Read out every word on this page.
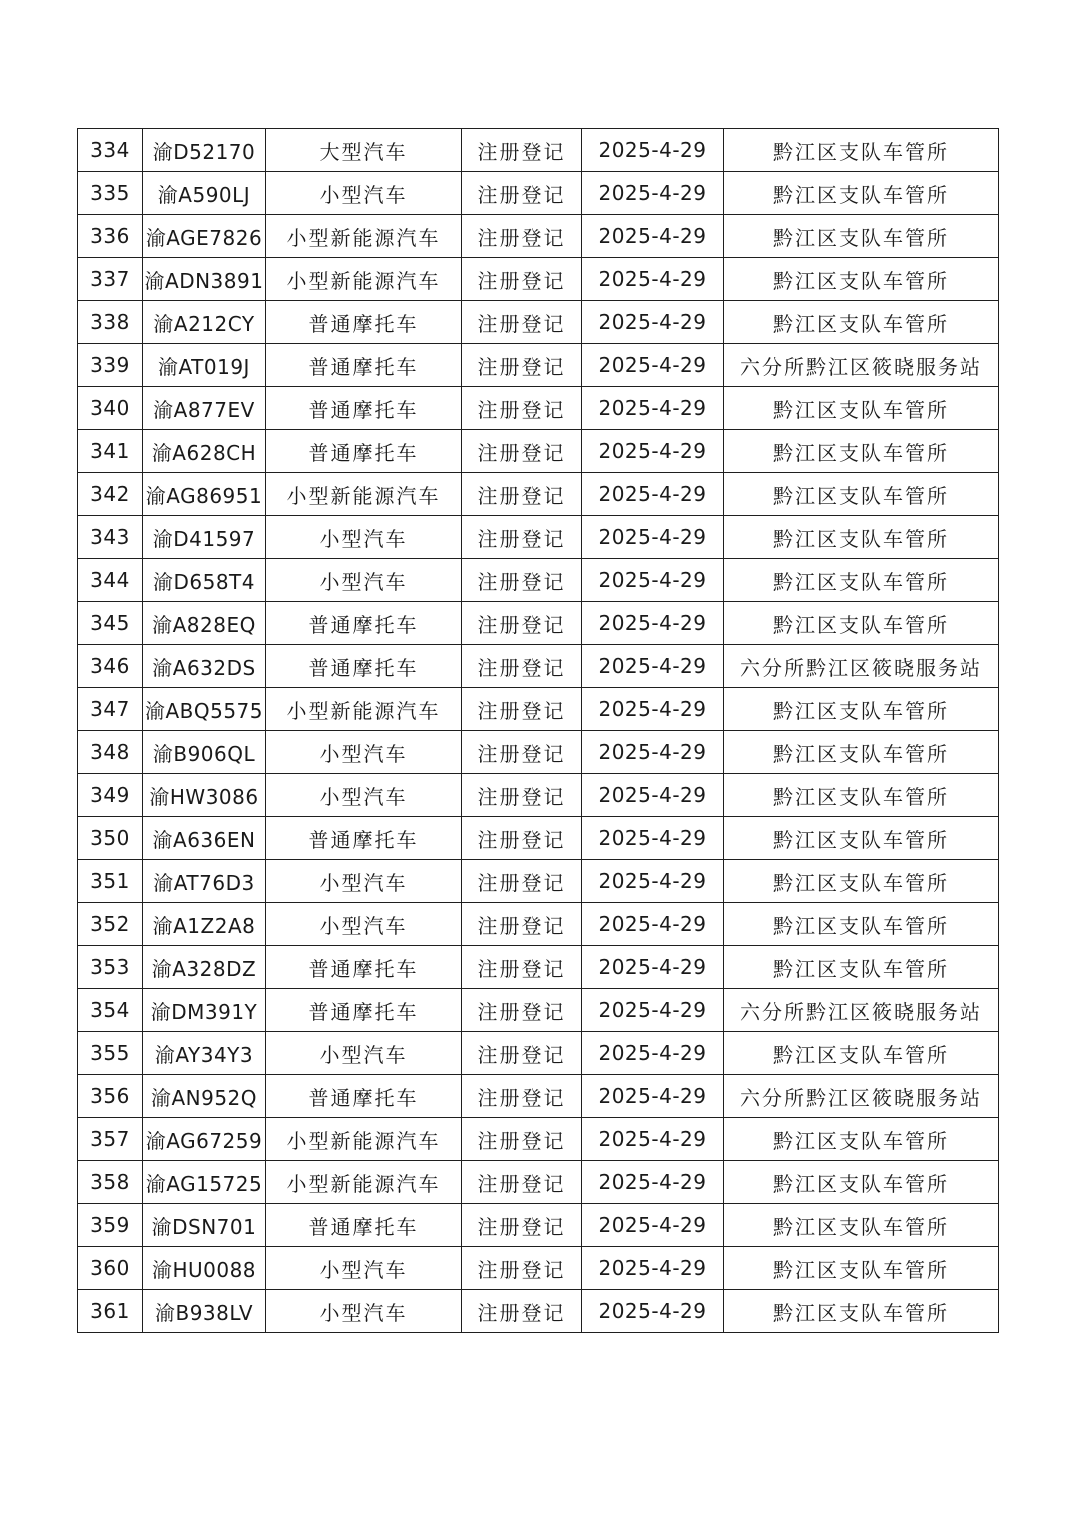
334	渝D52170	大型汽车	注册登记	2025-4-29	黔江区支队车管所
335	渝A590LJ	小型汽车	注册登记	2025-4-29	黔江区支队车管所
336	渝AGE7826	小型新能源汽车	注册登记	2025-4-29	黔江区支队车管所
337	渝ADN3891	小型新能源汽车	注册登记	2025-4-29	黔江区支队车管所
338	渝A212CY	普通摩托车	注册登记	2025-4-29	黔江区支队车管所
339	渝AT019J	普通摩托车	注册登记	2025-4-29	六分所黔江区筱晓服务站
340	渝A877EV	普通摩托车	注册登记	2025-4-29	黔江区支队车管所
341	渝A628CH	普通摩托车	注册登记	2025-4-29	黔江区支队车管所
342	渝AG86951	小型新能源汽车	注册登记	2025-4-29	黔江区支队车管所
343	渝D41597	小型汽车	注册登记	2025-4-29	黔江区支队车管所
344	渝D658T4	小型汽车	注册登记	2025-4-29	黔江区支队车管所
345	渝A828EQ	普通摩托车	注册登记	2025-4-29	黔江区支队车管所
346	渝A632DS	普通摩托车	注册登记	2025-4-29	六分所黔江区筱晓服务站
347	渝ABQ5575	小型新能源汽车	注册登记	2025-4-29	黔江区支队车管所
348	渝B906QL	小型汽车	注册登记	2025-4-29	黔江区支队车管所
349	渝HW3086	小型汽车	注册登记	2025-4-29	黔江区支队车管所
350	渝A636EN	普通摩托车	注册登记	2025-4-29	黔江区支队车管所
351	渝AT76D3	小型汽车	注册登记	2025-4-29	黔江区支队车管所
352	渝A1Z2A8	小型汽车	注册登记	2025-4-29	黔江区支队车管所
353	渝A328DZ	普通摩托车	注册登记	2025-4-29	黔江区支队车管所
354	渝DM391Y	普通摩托车	注册登记	2025-4-29	六分所黔江区筱晓服务站
355	渝AY34Y3	小型汽车	注册登记	2025-4-29	黔江区支队车管所
356	渝AN952Q	普通摩托车	注册登记	2025-4-29	六分所黔江区筱晓服务站
357	渝AG67259	小型新能源汽车	注册登记	2025-4-29	黔江区支队车管所
358	渝AG15725	小型新能源汽车	注册登记	2025-4-29	黔江区支队车管所
359	渝DSN701	普通摩托车	注册登记	2025-4-29	黔江区支队车管所
360	渝HU0088	小型汽车	注册登记	2025-4-29	黔江区支队车管所
361	渝B938LV	小型汽车	注册登记	2025-4-29	黔江区支队车管所
